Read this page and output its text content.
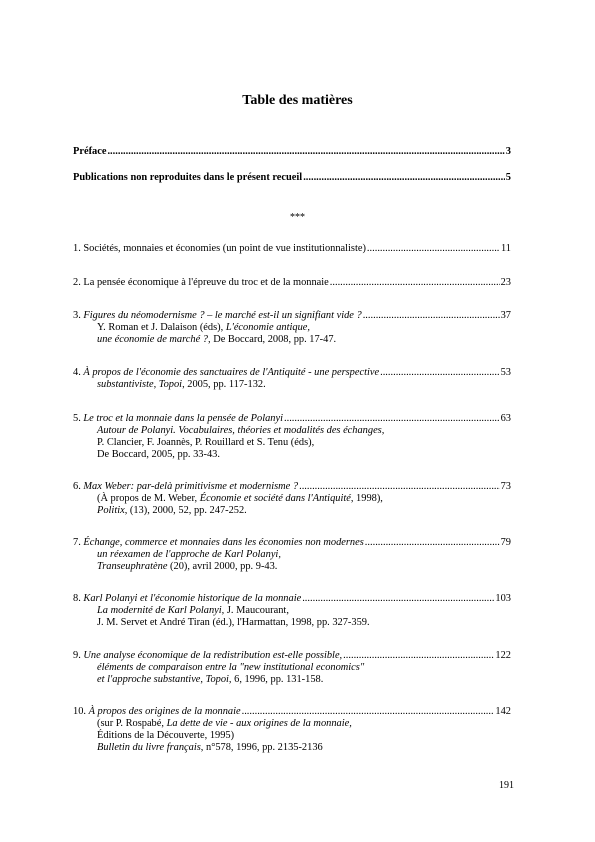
Table des matières
Préface .....	3
Publications non reproduites dans le présent recueil .....	5
***
1. Sociétés, monnaies et économies (un point de vue institutionnaliste) .....	11
2. La pensée économique à l'épreuve du troc et de la monnaie .....	23
3. Figures du néomodernisme ? – le marché est-il un signifiant vide ? .....	37
Y. Roman et J. Dalaison (éds), L'économie antique,
une économie de marché ?, De Boccard, 2008, pp. 17-47.
4. À propos de l'économie des sanctuaires de l'Antiquité - une perspective .....	53
substantiviste, Topoi, 2005, pp. 117-132.
5. Le troc et la monnaie dans la pensée de Polanyi .....	63
Autour de Polanyi. Vocabulaires, théories et modalités des échanges,
P. Clancier, F. Joannès, P. Rouillard et S. Tenu (éds),
De Boccard, 2005, pp. 33-43.
6. Max Weber: par-delà primitivisme et modernisme ? .....	73
(À propos de M. Weber, Économie et société dans l'Antiquité, 1998),
Politix, (13), 2000, 52, pp. 247-252.
7. Échange, commerce et monnaies dans les économies non modernes .....	79
un réexamen de l'approche de Karl Polanyi,
Transeuphratène (20), avril 2000, pp. 9-43.
8. Karl Polanyi et l'économie historique de la monnaie .....	103
La modernité de Karl Polanyi, J. Maucourant,
J. M. Servet et André Tiran (éd.), l'Harmattan, 1998, pp. 327-359.
9. Une analyse économique de la redistribution est-elle possible, .....	122
éléments de comparaison entre la "new institutional economics"
et l'approche substantive, Topoi, 6, 1996, pp. 131-158.
10. À propos des origines de la monnaie .....	142
(sur P. Rospabé, La dette de vie - aux origines de la monnaie,
Éditions de la Découverte, 1995)
Bulletin du livre français, n°578, 1996, pp. 2135-2136
191
